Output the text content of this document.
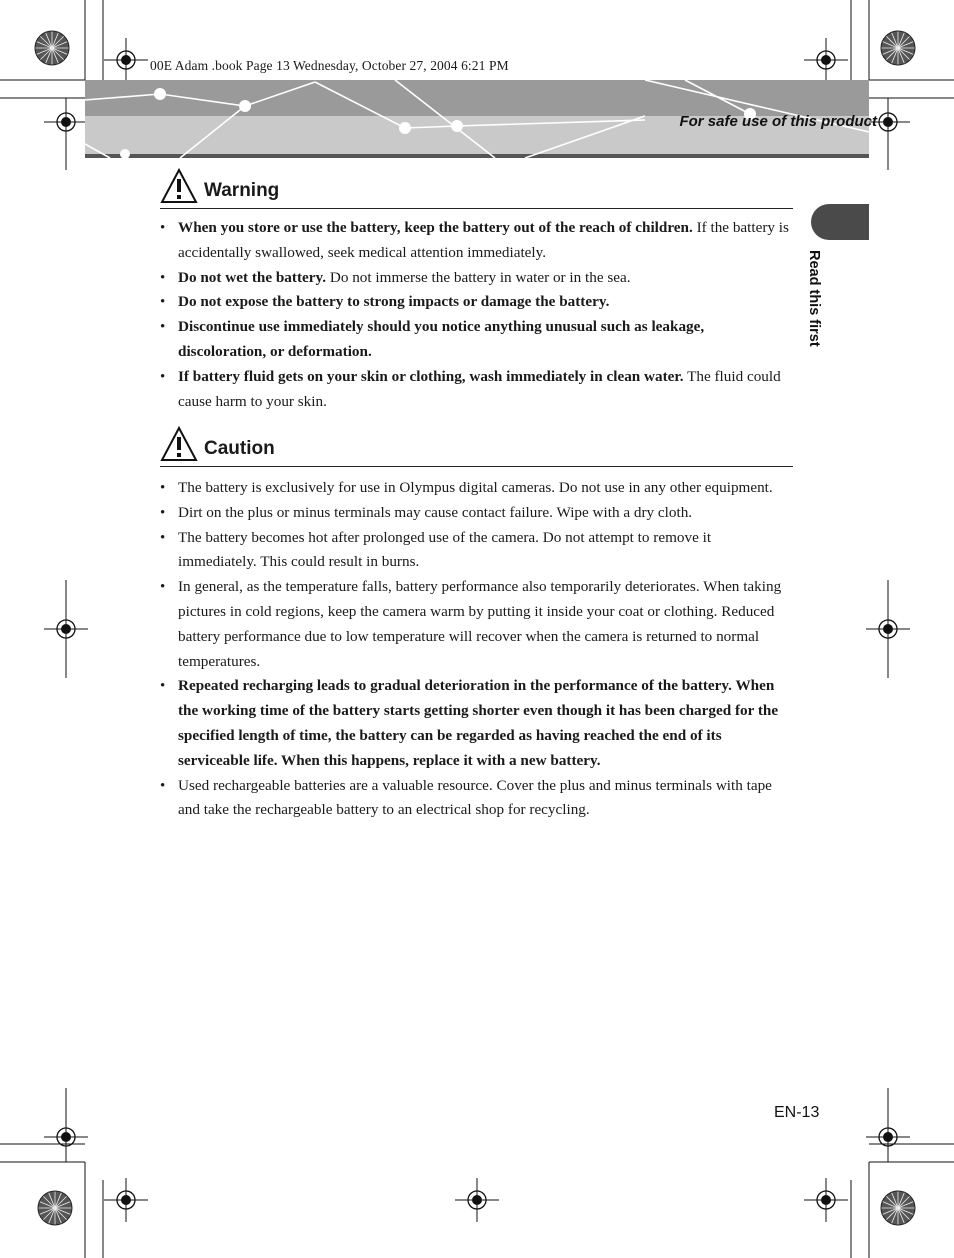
00E Adam .book Page 13 Wednesday, October 27, 2004 6:21 PM
For safe use of this product
Read this first
Warning
• When you store or use the battery, keep the battery out of the reach of children. If the battery is accidentally swallowed, seek medical attention immediately.
• Do not wet the battery. Do not immerse the battery in water or in the sea.
• Do not expose the battery to strong impacts or damage the battery.
• Discontinue use immediately should you notice anything unusual such as leakage, discoloration, or deformation.
• If battery fluid gets on your skin or clothing, wash immediately in clean water. The fluid could cause harm to your skin.
Caution
• The battery is exclusively for use in Olympus digital cameras. Do not use in any other equipment.
• Dirt on the plus or minus terminals may cause contact failure. Wipe with a dry cloth.
• The battery becomes hot after prolonged use of the camera. Do not attempt to remove it immediately. This could result in burns.
• In general, as the temperature falls, battery performance also temporarily deteriorates. When taking pictures in cold regions, keep the camera warm by putting it inside your coat or clothing. Reduced battery performance due to low temperature will recover when the camera is returned to normal temperatures.
• Repeated recharging leads to gradual deterioration in the performance of the battery. When the working time of the battery starts getting shorter even though it has been charged for the specified length of time, the battery can be regarded as having reached the end of its serviceable life. When this happens, replace it with a new battery.
• Used rechargeable batteries are a valuable resource. Cover the plus and minus terminals with tape and take the rechargeable battery to an electrical shop for recycling.
EN-13
